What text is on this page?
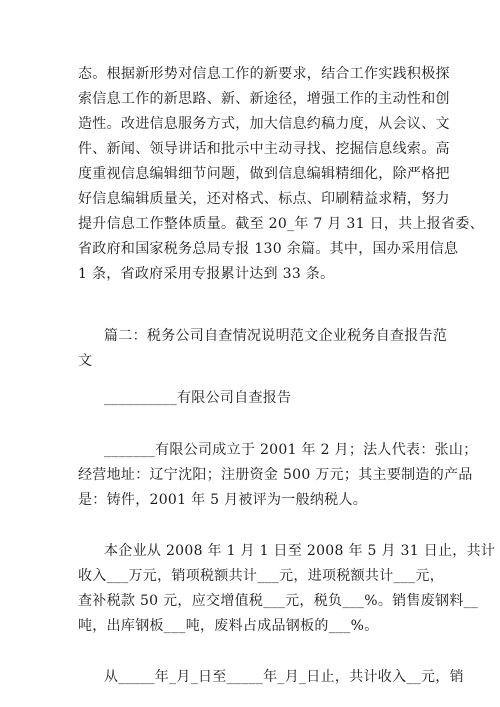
态。根据新形势对信息工作的新要求，结合工作实践积极探

索信息工作的新思路、新、新途径，增强工作的主动性和创

造性。改进信息服务方式，加大信息约稿力度，从会议、文

件、新闻、领导讲话和批示中主动寻找、挖掘信息线索。高

度重视信息编辑细节问题，做到信息编辑精细化，除严格把

好信息编辑质量关，还对格式、标点、印刷精益求精，努力

提升信息工作整体质量。截至 20_年 7 月 31 日，共上报省委、

省政府和国家税务总局专报 130 余篇。其中，国办采用信息

1 条，省政府采用专报累计达到 33 条。

篇二：税务公司自查情况说明范文企业税务自查报告范

文

__________有限公司自查报告

_______有限公司成立于 2001 年 2 月；法人代表：张山；

经营地址：辽宁沈阳；注册资金 500 万元；其主要制造的产品

是：铸件，2001 年 5 月被评为一般纳税人。

本企业从 2008 年 1 月 1 日至 2008 年 5 月 31 日止，共计

收入___万元，销项税额共计___元，进项税额共计___元，

查补税款 50 元，应交增值税___元，税负___%。销售废钢料__

吨，出库钢板___吨，废料占成品钢板的___%。

从_____年_月_日至_____年_月_日止，共计收入__元，销
